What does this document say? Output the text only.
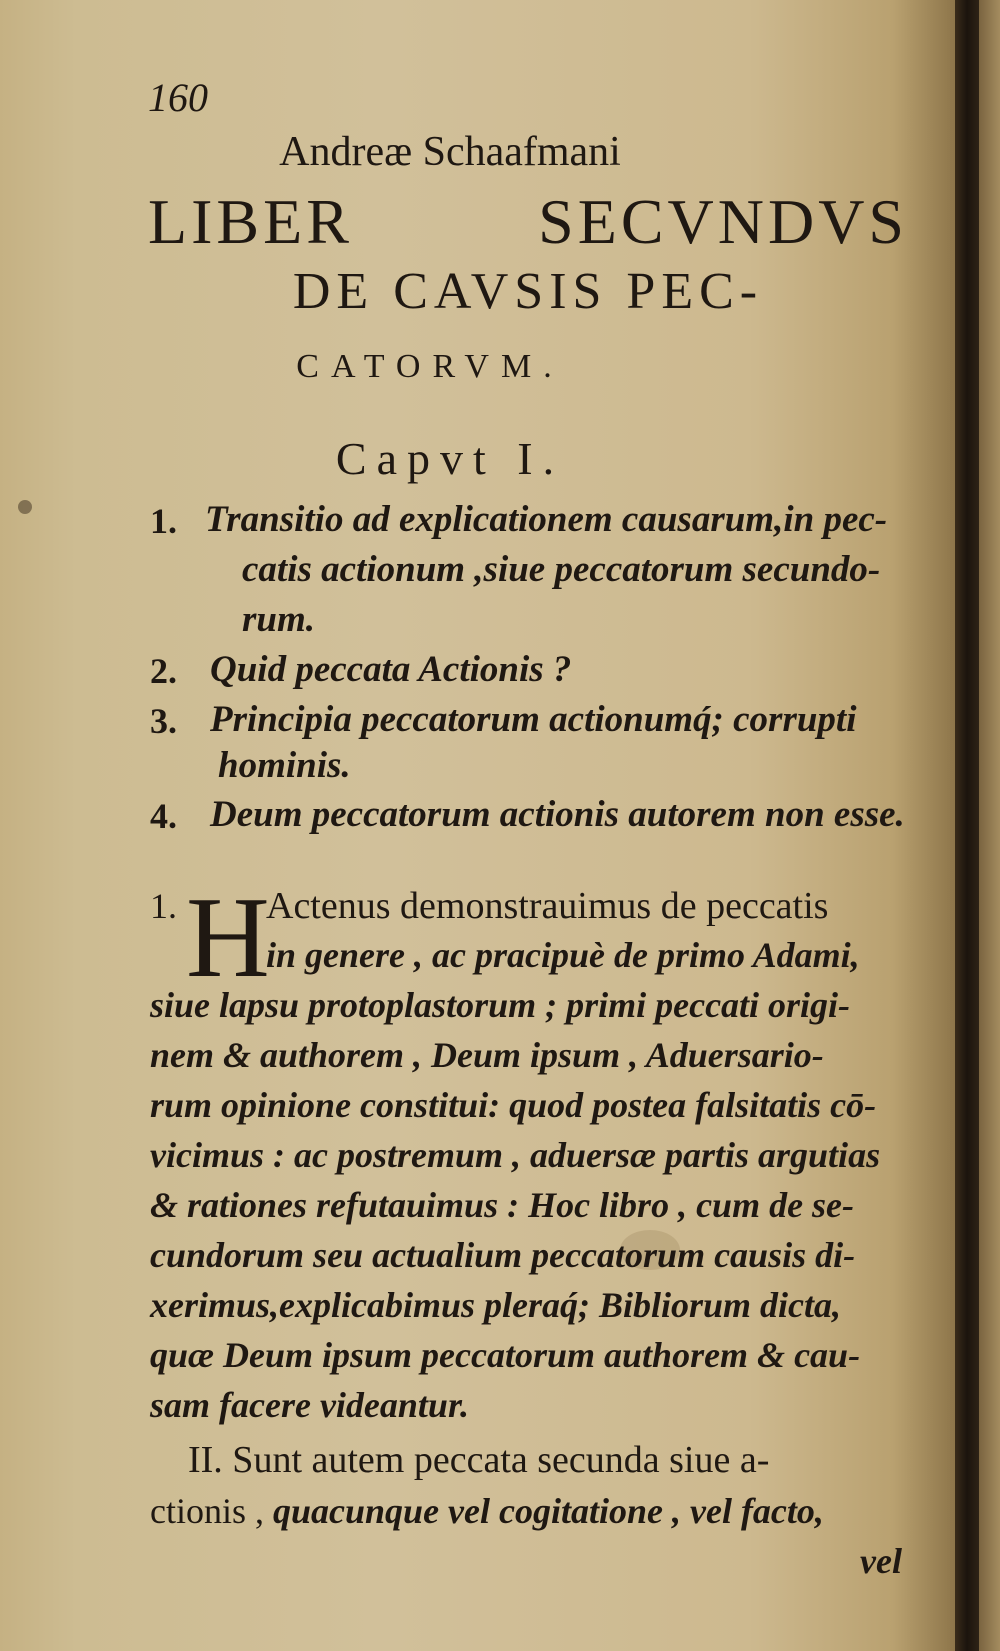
160

Andreæ Schaafmani

LIBER SECVNDVS

DE CAVSIS PEC-

CATORVM.

Capvt I.

1. Transitio ad explicationem causarum,in pec-
catis actionum ,siue peccatorum secundo-
rum.
2. Quid peccata Actionis ?
3. Principia peccatorum actionumq́; corrupti
hominis.
4. Deum peccatorum actionis autorem non esse.
1. H
Actenus demonstrauimus de peccatis
in genere , ac pracipuè de primo Adami,
siue lapsu protoplastorum ; primi peccati origi-
nem & authorem , Deum ipsum , Aduersario-
rum opinione constitui: quod postea falsitatis cō-
vicimus : ac postremum , aduersæ partis argutias
& rationes refutauimus : Hoc libro , cum de se-
cundorum seu actualium peccatorum causis di-
xerimus,explicabimus pleraq́; Bibliorum dicta,
quæ Deum ipsum peccatorum authorem & cau-
sam facere videantur.
II. Sunt autem peccata secunda siue a-
ctionis , quacunque vel cogitatione , vel facto,
vel
